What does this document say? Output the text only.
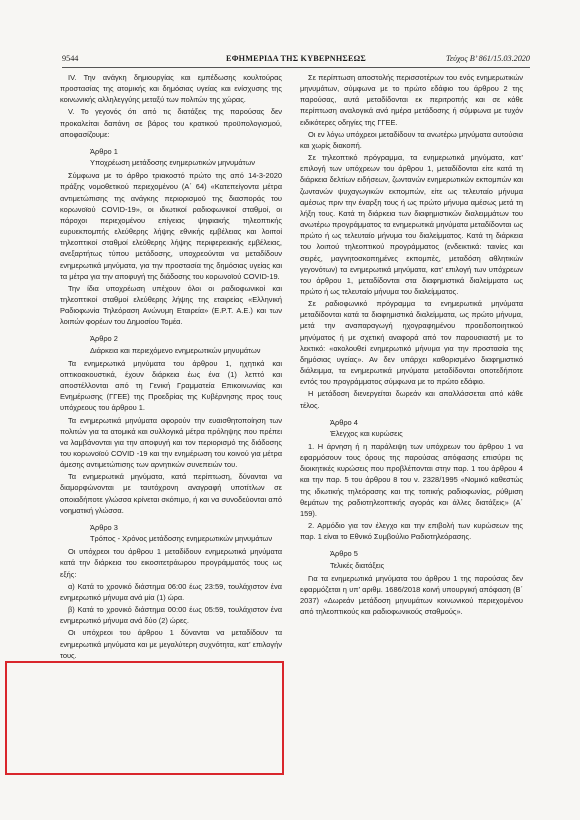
9544	ΕΦΗΜΕΡΙΔΑ ΤΗΣ ΚΥΒΕΡΝΗΣΕΩΣ	Τεύχος Β’ 861/15.03.2020

IV. Την ανάγκη δημιουργίας και εμπέδωσης κουλτούρας προστασίας της ατομικής και δημόσιας υγείας και ενίσχυσης της κοινωνικής αλληλεγγύης μεταξύ των πολιτών της χώρας.

V. Το γεγονός ότι από τις διατάξεις της παρούσας δεν προκαλείται δαπάνη σε βάρος του κρατικού προϋπολογισμού, αποφασίζουμε:

Άρθρο 1
Υποχρέωση μετάδοσης ενημερωτικών μηνυμάτων

Σύμφωνα με το άρθρο τριακοστό πρώτο της από 14-3-2020 πράξης νομοθετικού περιεχομένου (Α΄ 64) «Κατεπείγοντα μέτρα αντιμετώπισης της ανάγκης περιορισμού της διασποράς του κορωνοϊού COVID-19», οι ιδιωτικοί ραδιοφωνικοί σταθμοί, οι πάροχοι περιεχομένου επίγειας ψηφιακής τηλεοπτικής ευρυεκπομπής ελεύθερης λήψης εθνικής εμβέλειας και λοιποί τηλεοπτικοί σταθμοί ελεύθερης λήψης περιφερειακής εμβέλειας, ανεξαρτήτως τύπου μετάδοσης, υποχρεούνται να μεταδίδουν ενημερωτικά μηνύματα, για την προστασία της δημόσιας υγείας και τα μέτρα για την αποφυγή της διάδοσης του κορωνοϊού COVID-19.

Την ίδια υποχρέωση υπέχουν όλοι οι ραδιοφωνικοί και τηλεοπτικοί σταθμοί ελεύθερης λήψης της εταιρείας «Ελληνική Ραδιοφωνία Τηλεόραση Ανώνυμη Εταιρεία» (Ε.Ρ.Τ. Α.Ε.) και των λοιπών φορέων του Δημοσίου Τομέα.

Άρθρο 2
Διάρκεια και περιεχόμενο ενημερωτικών μηνυμάτων

Τα ενημερωτικά μηνύματα του άρθρου 1, ηχητικά και οπτικοακουστικά, έχουν διάρκεια έως ένα (1) λεπτό και αποστέλλονται από τη Γενική Γραμματεία Επικοινωνίας και Ενημέρωσης (ΓΓΕΕ) της Προεδρίας της Κυβέρνησης προς τους υπόχρεους του άρθρου 1.

Τα ενημερωτικά μηνύματα αφορούν την ευαισθητοποίηση των πολιτών για τα ατομικά και συλλογικά μέτρα πρόληψης που πρέπει να λαμβάνονται για την αποφυγή και τον περιορισμό της διάδοσης του κορωνοϊού COVID -19 και την ενημέρωση του κοινού για μέτρα άμεσης αντιμετώπισης των αρνητικών συνεπειών του.

Τα ενημερωτικά μηνύματα, κατά περίπτωση, δύνανται να διαμορφώνονται με ταυτόχρονη αναγραφή υποτίτλων σε οποιαδήποτε γλώσσα κρίνεται σκόπιμο, ή και να συνοδεύονται από νοηματική γλώσσα.

Άρθρο 3
Τρόπος - Χρόνος μετάδοσης ενημερωτικών μηνυμάτων

Οι υπόχρεοι του άρθρου 1 μεταδίδουν ενημερωτικά μηνύματα κατά την διάρκεια του εικοσιτετράωρου προγράμματός τους ως εξής:

α) Κατά το χρονικό διάστημα 06:00 έως 23:59, τουλάχιστον ένα ενημερωτικό μήνυμα ανά μία (1) ώρα.

β) Κατά το χρονικό διάστημα 00:00 έως 05:59, τουλάχιστον ένα ενημερωτικό μήνυμα ανά δύο (2) ώρες.

Οι υπόχρεοι του άρθρου 1 δύνανται να μεταδίδουν τα ενημερωτικά μηνύματα και με μεγαλύτερη συχνότητα, κατ’ επιλογήν τους.

Σε περίπτωση αποστολής περισσοτέρων του ενός ενημερωτικών μηνυμάτων, σύμφωνα με το πρώτο εδάφιο του άρθρου 2 της παρούσας, αυτά μεταδίδονται εκ περιτροπής και σε κάθε περίπτωση αναλογικά ανά ημέρα μετάδοσης ή σύμφωνα με τυχόν ειδικότερες οδηγίες της ΓΓΕΕ.

Οι εν λόγω υπόχρεοι μεταδίδουν τα ανωτέρω μηνύματα αυτούσια και χωρίς διακοπή.

Σε τηλεοπτικό πρόγραμμα, τα ενημερωτικά μηνύματα, κατ’ επιλογή των υπόχρεων του άρθρου 1, μεταδίδονται είτε κατά τη διάρκεια δελτίων ειδήσεων, ζωντανών ενημερωτικών εκπομπών και ζωντανών ψυχαγωγικών εκπομπών, είτε ως τελευταίο μήνυμα αμέσως πριν την έναρξη τους ή ως πρώτο μήνυμα αμέσως μετά τη λήξη τους. Κατά τη διάρκεια των διαφημιστικών διαλειμμάτων του ανωτέρω προγράμματος τα ενημερωτικά μηνύματα μεταδίδονται ως πρώτο ή ως τελευταίο μήνυμα του διαλείμματος. Κατά τη διάρκεια του λοιπού τηλεοπτικού προγράμματος (ενδεικτικά: ταινίες και σειρές, μαγνητοσκοπημένες εκπομπές, μεταδόση αθλητικών γεγονότων) τα ενημερωτικά μηνύματα, κατ’ επιλογή των υπόχρεων του άρθρου 1, μεταδίδονται στα διαφημιστικά διαλείμματα ως πρώτο ή ως τελευταίο μήνυμα του διαλείμματος.

Σε ραδιοφωνικό πρόγραμμα τα ενημερωτικά μηνύματα μεταδίδονται κατά τα διαφημιστικά διαλείμματα, ως πρώτο μήνυμα, μετά την αναπαραγωγή ηχογραφημένου προειδοποιητικού μηνύματος ή με σχετική αναφορά από τον παρουσιαστή με το λεκτικό: «ακολουθεί ενημερωτικό μήνυμα για την προστασία της δημόσιας υγείας». Αν δεν υπάρχει καθορισμένο διαφημιστικό διάλειμμα, τα ενημερωτικά μηνύματα μεταδίδονται οποτεδήποτε εντός του προγράμματος σύμφωνα με το πρώτο εδάφιο.

Η μετάδοση διενεργείται δωρεάν και απαλλάσσεται από κάθε τέλος.

Άρθρο 4
Έλεγχος και κυρώσεις

1. Η άρνηση ή η παράλειψη των υπόχρεων του άρθρου 1 να εφαρμόσουν τους όρους της παρούσας απόφασης επισύρει τις διοικητικές κυρώσεις που προβλέπονται στην παρ. 1 του άρθρου 4 και την παρ. 5 του άρθρου 8 του ν. 2328/1995 «Νομικό καθεστώς της ιδιωτικής τηλεόρασης και της τοπικής ραδιοφωνίας, ρύθμιση θεμάτων της ραδιοτηλεοπτικής αγοράς και άλλες διατάξεις» (Α΄ 159).

2. Αρμόδιο για τον έλεγχο και την επιβολή των κυρώσεων της παρ. 1 είναι το Εθνικό Συμβούλιο Ραδιοτηλεόρασης.

Άρθρο 5
Τελικές διατάξεις

Για τα ενημερωτικά μηνύματα του άρθρου 1 της παρούσας δεν εφαρμόζεται η υπ’ αριθμ. 1686/2018 κοινή υπουργική απόφαση (Β΄ 2037) «Δωρεάν μετάδοση μηνυμάτων κοινωνικού περιεχομένου από τηλεοπτικούς και ραδιοφωνικούς σταθμούς».
